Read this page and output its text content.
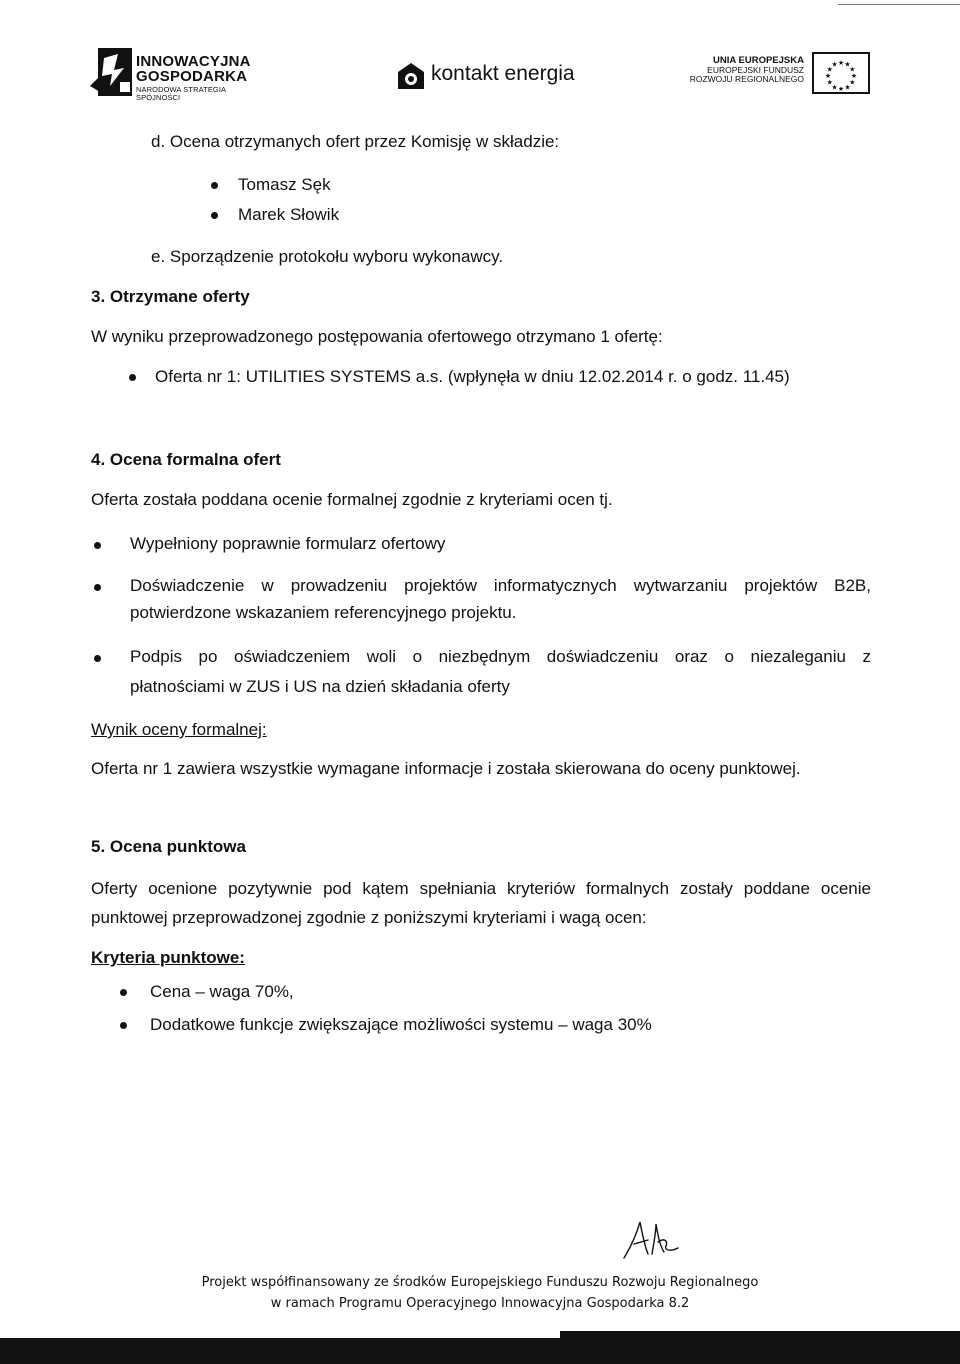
INNOWACYJNA
GOSPODARKA
NARODOWA STRATEGIA SPÓJNOŚCI
kontakt energia
UNIA EUROPEJSKA
EUROPEJSKI FUNDUSZ
ROZWOJU REGIONALNEGO
★ ★
★
★
★
★
★
★
★
★
★
★
d. Ocena otrzymanych ofert przez Komisję w składzie:
Tomasz Sęk
Marek Słowik
e. Sporządzenie protokołu wyboru wykonawcy.
3. Otrzymane oferty
W wyniku przeprowadzonego postępowania ofertowego otrzymano 1 ofertę:
Oferta nr 1: UTILITIES SYSTEMS a.s. (wpłynęła w dniu 12.02.2014 r. o godz. 11.45)
4. Ocena formalna ofert
Oferta została poddana ocenie formalnej zgodnie z kryteriami ocen tj.
Wypełniony poprawnie formularz ofertowy
Doświadczenie w prowadzeniu projektów informatycznych wytwarzaniu projektów B2B,
potwierdzone wskazaniem referencyjnego projektu.
Podpis po oświadczeniem woli o niezbędnym doświadczeniu oraz o niezaleganiu z
płatnościami w ZUS i US na dzień składania oferty
Wynik oceny formalnej:
Oferta nr 1 zawiera wszystkie wymagane informacje i została skierowana do oceny punktowej.
5. Ocena punktowa
Oferty ocenione pozytywnie pod kątem spełniania kryteriów formalnych zostały poddane ocenie
punktowej przeprowadzonej zgodnie z poniższymi kryteriami i wagą ocen:
Kryteria punktowe:
Cena – waga 70%,
Dodatkowe funkcje zwiększające możliwości systemu – waga 30%
Projekt współfinansowany ze środków Europejskiego Funduszu Rozwoju Regionalnego
w ramach Programu Operacyjnego Innowacyjna Gospodarka 8.2
